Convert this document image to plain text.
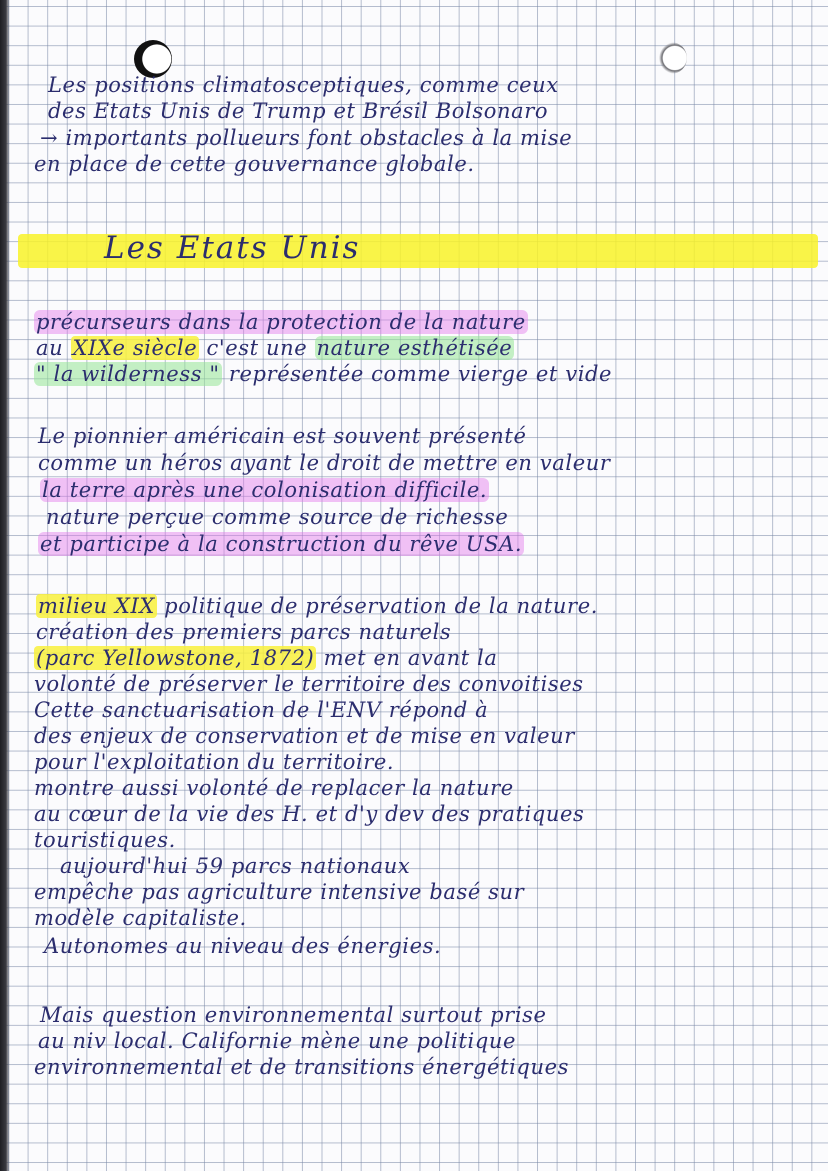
Les positions climatosceptiques, comme ceux
des Etats Unis de Trump et Brésil Bolsonaro
→ importants pollueurs font obstacles à la mise
en place de cette gouvernance globale.
Les Etats Unis
précurseurs dans la protection de la nature
au XIXe siècle c'est une nature esthétisée
" la wilderness " représentée comme vierge et vide
Le pionnier américain est souvent présenté
comme un héros ayant le droit de mettre en valeur
la terre après une colonisation difficile.
nature perçue comme source de richesse
et participe à la construction du rêve USA.
milieu XIX politique de préservation de la nature.
création des premiers parcs naturels
(parc Yellowstone, 1872) met en avant la
volonté de préserver le territoire des convoitises
Cette sanctuarisation de l'ENV répond à
des enjeux de conservation et de mise en valeur
pour l'exploitation du territoire.
montre aussi volonté de replacer la nature
au cœur de la vie des H. et d'y dev des pratiques
touristiques.
aujourd'hui 59 parcs nationaux
empêche pas agriculture intensive basé sur
modèle capitaliste.
Autonomes au niveau des énergies.
Mais question environnemental surtout prise
au niv local. Californie mène une politique
environnemental et de transitions énergétiques
